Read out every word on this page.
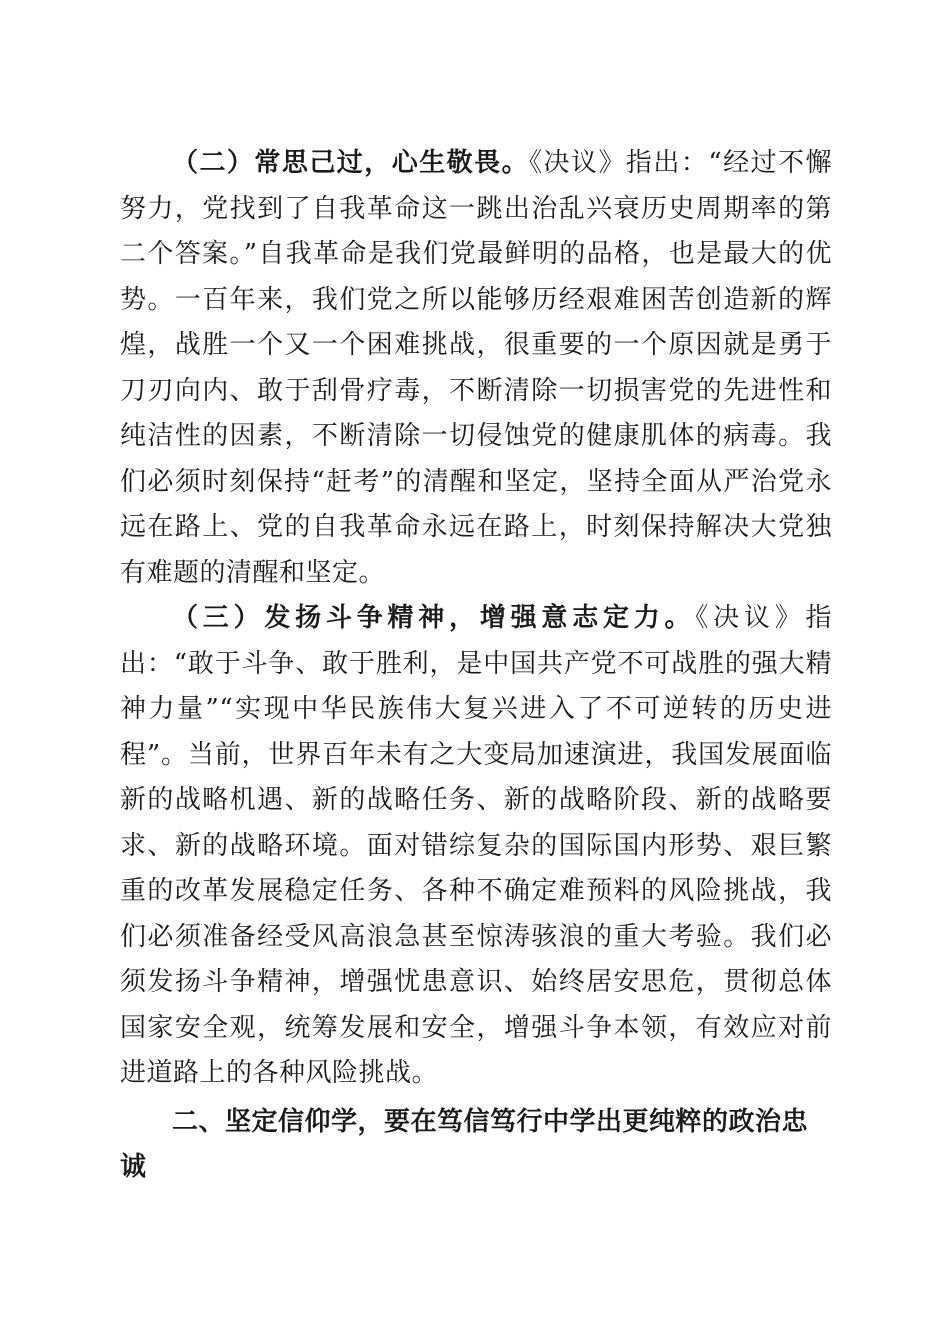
（二）常思己过，心生敬畏。《决议》指出：“经过不懈努力，党找到了自我革命这一跳出治乱兴衰历史周期率的第二个答案。”自我革命是我们党最鲜明的品格，也是最大的优势。一百年来，我们党之所以能够历经艰难困苦创造新的辉煌，战胜一个又一个困难挑战，很重要的一个原因就是勇于刀刃向内、敢于刮骨疗毒，不断清除一切损害党的先进性和纯洁性的因素，不断清除一切侵蚀党的健康肌体的病毒。我们必须时刻保持“赶考”的清醒和坚定，坚持全面从严治党永远在路上、党的自我革命永远在路上，时刻保持解决大党独有难题的清醒和坚定。

（三）发扬斗争精神，增强意志定力。《决议》指出：“敢于斗争、敢于胜利，是中国共产党不可战胜的强大精神力量”“实现中华民族伟大复兴进入了不可逆转的历史进程”。当前，世界百年未有之大变局加速演进，我国发展面临新的战略机遇、新的战略任务、新的战略阶段、新的战略要求、新的战略环境。面对错综复杂的国际国内形势、艰巨繁重的改革发展稳定任务、各种不确定难预料的风险挑战，我们必须准备经受风高浪急甚至惊涛骇浪的重大考验。我们必须发扬斗争精神，增强忧患意识、始终居安思危，贯彻总体国家安全观，统筹发展和安全，增强斗争本领，有效应对前进道路上的各种风险挑战。

二、坚定信仰学，要在笃信笃行中学出更纯粹的政治忠诚
